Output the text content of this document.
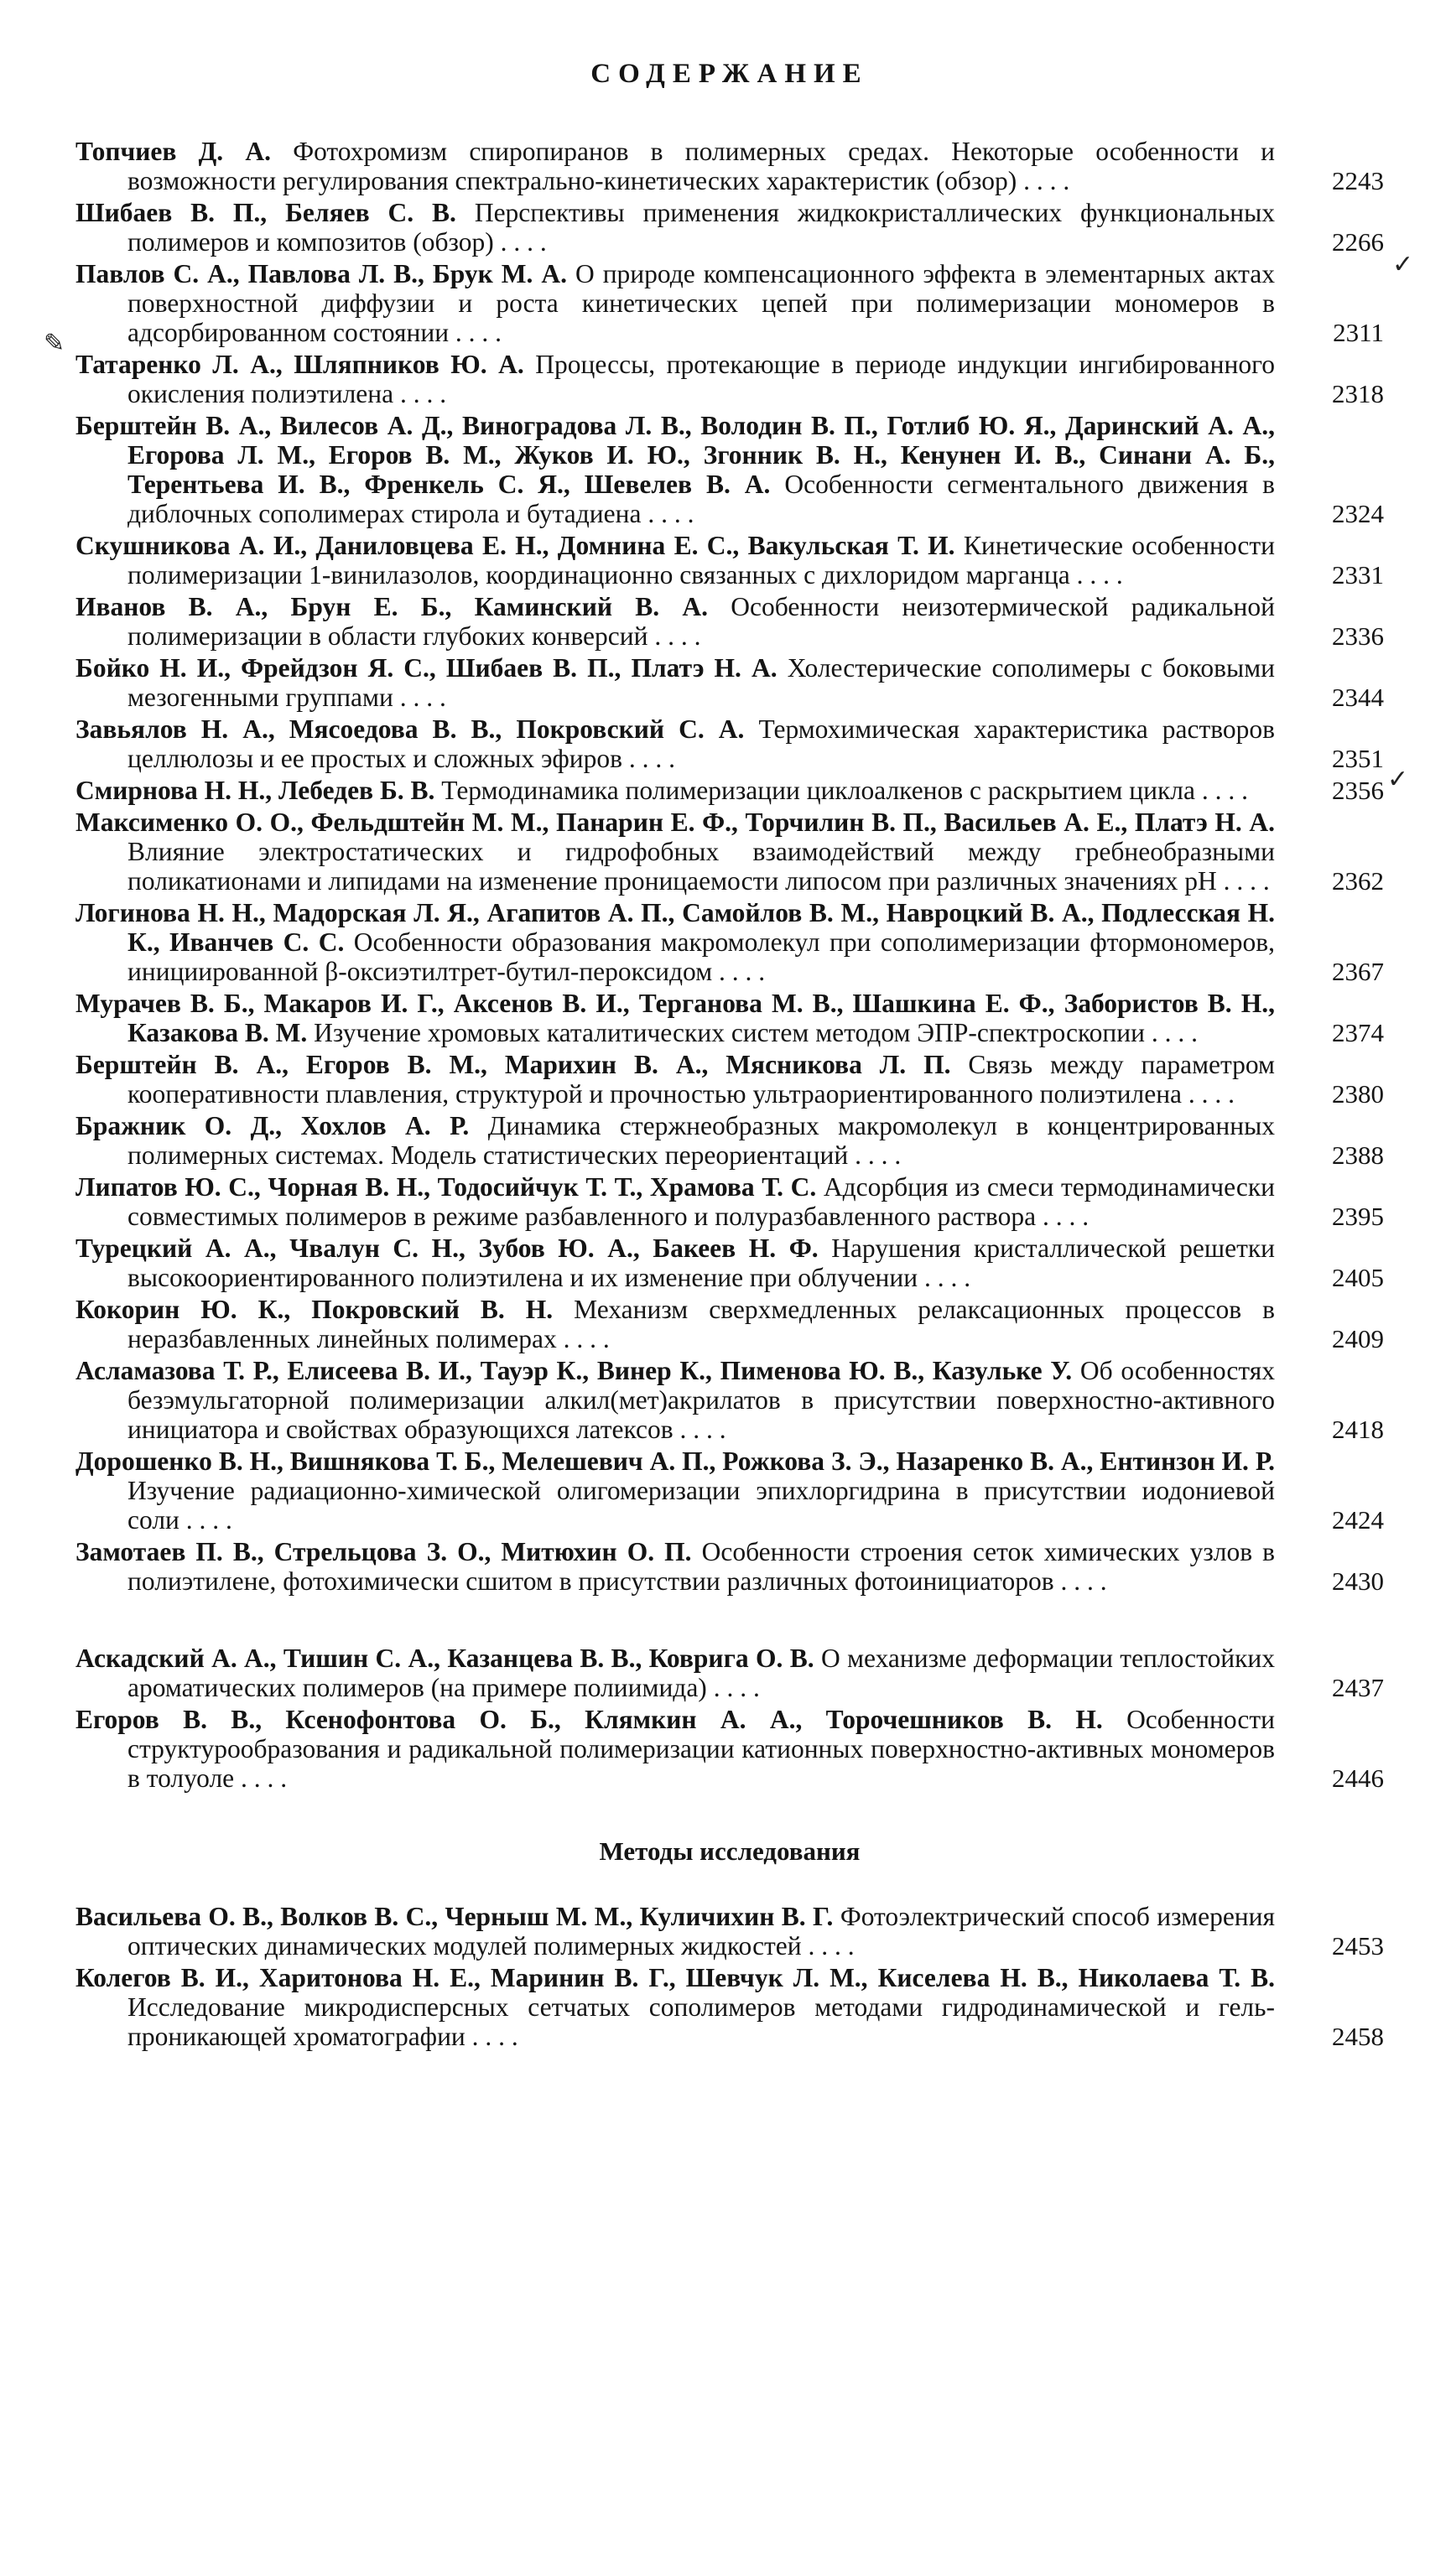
СОДЕРЖАНИЕ
Топчиев Д. А. Фотохромизм спиропиранов в полимерных средах. Некоторые особенности и возможности регулирования спектрально-кинетических характеристик (обзор) . . . .	2243
Шибаев В. П., Беляев С. В. Перспективы применения жидкокристаллических функциональных полимеров и композитов (обзор) . . . .	2266
Павлов С. А., Павлова Л. В., Брук М. А. О природе компенсационного эффекта в элементарных актах поверхностной диффузии и роста кинетических цепей при полимеризации мономеров в адсорбированном состоянии . . . .	2311
Татаренко Л. А., Шляпников Ю. А. Процессы, протекающие в периоде индукции ингибированного окисления полиэтилена . . . .	2318
Берштейн В. А., Вилесов А. Д., Виноградова Л. В., Володин В. П., Готлиб Ю. Я., Даринский А. А., Егорова Л. М., Егоров В. М., Жуков И. Ю., Згонник В. Н., Кенунен И. В., Синани А. Б., Терентьева И. В., Френкель С. Я., Шевелев В. А. Особенности сегментального движения в диблочных сополимерах стирола и бутадиена . . . .	2324
Скушникова А. И., Даниловцева Е. Н., Домнина Е. С., Вакульская Т. И. Кинетические особенности полимеризации 1-винилазолов, координационно связанных с дихлоридом марганца . . . .	2331
Иванов В. А., Брун Е. Б., Каминский В. А. Особенности неизотермической радикальной полимеризации в области глубоких конверсий . . . .	2336
Бойко Н. И., Фрейдзон Я. С., Шибаев В. П., Платэ Н. А. Холестерические сополимеры с боковыми мезогенными группами . . . .	2344
Завьялов Н. А., Мясоедова В. В., Покровский С. А. Термохимическая характеристика растворов целлюлозы и ее простых и сложных эфиров . . . .	2351
Смирнова Н. Н., Лебедев Б. В. Термодинамика полимеризации циклоалкенов с раскрытием цикла . . . .	2356
Максименко О. О., Фельдштейн М. М., Панарин Е. Ф., Торчилин В. П., Васильев А. Е., Платэ Н. А. Влияние электростатических и гидрофобных взаимодействий между гребнеобразными поликатионами и липидами на изменение проницаемости липосом при различных значениях pH . . . .	2362
Логинова Н. Н., Мадорская Л. Я., Агапитов А. П., Самойлов В. М., Навроцкий В. А., Подлесская Н. К., Иванчев С. С. Особенности образования макромолекул при сополимеризации фтормономеров, инициированной β-оксиэтилтрет-бутил-пероксидом . . . .	2367
Мурачев В. Б., Макаров И. Г., Аксенов В. И., Терганова М. В., Шашкина Е. Ф., Забористов В. Н., Казакова В. М. Изучение хромовых каталитических систем методом ЭПР-спектроскопии . . . .	2374
Берштейн В. А., Егоров В. М., Марихин В. А., Мясникова Л. П. Связь между параметром кооперативности плавления, структурой и прочностью ультраориентированного полиэтилена . . . .	2380
Бражник О. Д., Хохлов А. Р. Динамика стержнеобразных макромолекул в концентрированных полимерных системах. Модель статистических переориентаций . . . .	2388
Липатов Ю. С., Чорная В. Н., Тодосийчук Т. Т., Храмова Т. С. Адсорбция из смеси термодинамически совместимых полимеров в режиме разбавленного и полуразбавленного раствора . . . .	2395
Турецкий А. А., Чвалун С. Н., Зубов Ю. А., Бакеев Н. Ф. Нарушения кристаллической решетки высокоориентированного полиэтилена и их изменение при облучении . . . .	2405
Кокорин Ю. К., Покровский В. Н. Механизм сверхмедленных релаксационных процессов в неразбавленных линейных полимерах . . . .	2409
Асламазова Т. Р., Елисеева В. И., Тауэр К., Винер К., Пименова Ю. В., Казульке У. Об особенностях безэмульгаторной полимеризации алкил(мет)акрилатов в присутствии поверхностно-активного инициатора и свойствах образующихся латексов . . . .	2418
Дорошенко В. Н., Вишнякова Т. Б., Мелешевич А. П., Рожкова З. Э., Назаренко В. А., Ентинзон И. Р. Изучение радиационно-химической олигомеризации эпихлоргидрина в присутствии иодониевой соли . . . .	2424
Замотаев П. В., Стрельцова З. О., Митюхин О. П. Особенности строения сеток химических узлов в полиэтилене, фотохимически сшитом в присутствии различных фотоинициаторов . . . .	2430
Аскадский А. А., Тишин С. А., Казанцева В. В., Коврига О. В. О механизме деформации теплостойких ароматических полимеров (на примере полиимида) . . . .	2437
Егоров В. В., Ксенофонтова О. Б., Клямкин А. А., Торочешников В. Н. Особенности структурообразования и радикальной полимеризации катионных поверхностно-активных мономеров в толуоле . . . .	2446
Методы исследования
Васильева О. В., Волков В. С., Черныш М. М., Куличихин В. Г. Фотоэлектрический способ измерения оптических динамических модулей полимерных жидкостей . . . .	2453
Колегов В. И., Харитонова Н. Е., Маринин В. Г., Шевчук Л. М., Киселева Н. В., Николаева Т. В. Исследование микродисперсных сетчатых сополимеров методами гидродинамической и гель-проникающей хроматографии . . . .	2458
✓
✎
✓
